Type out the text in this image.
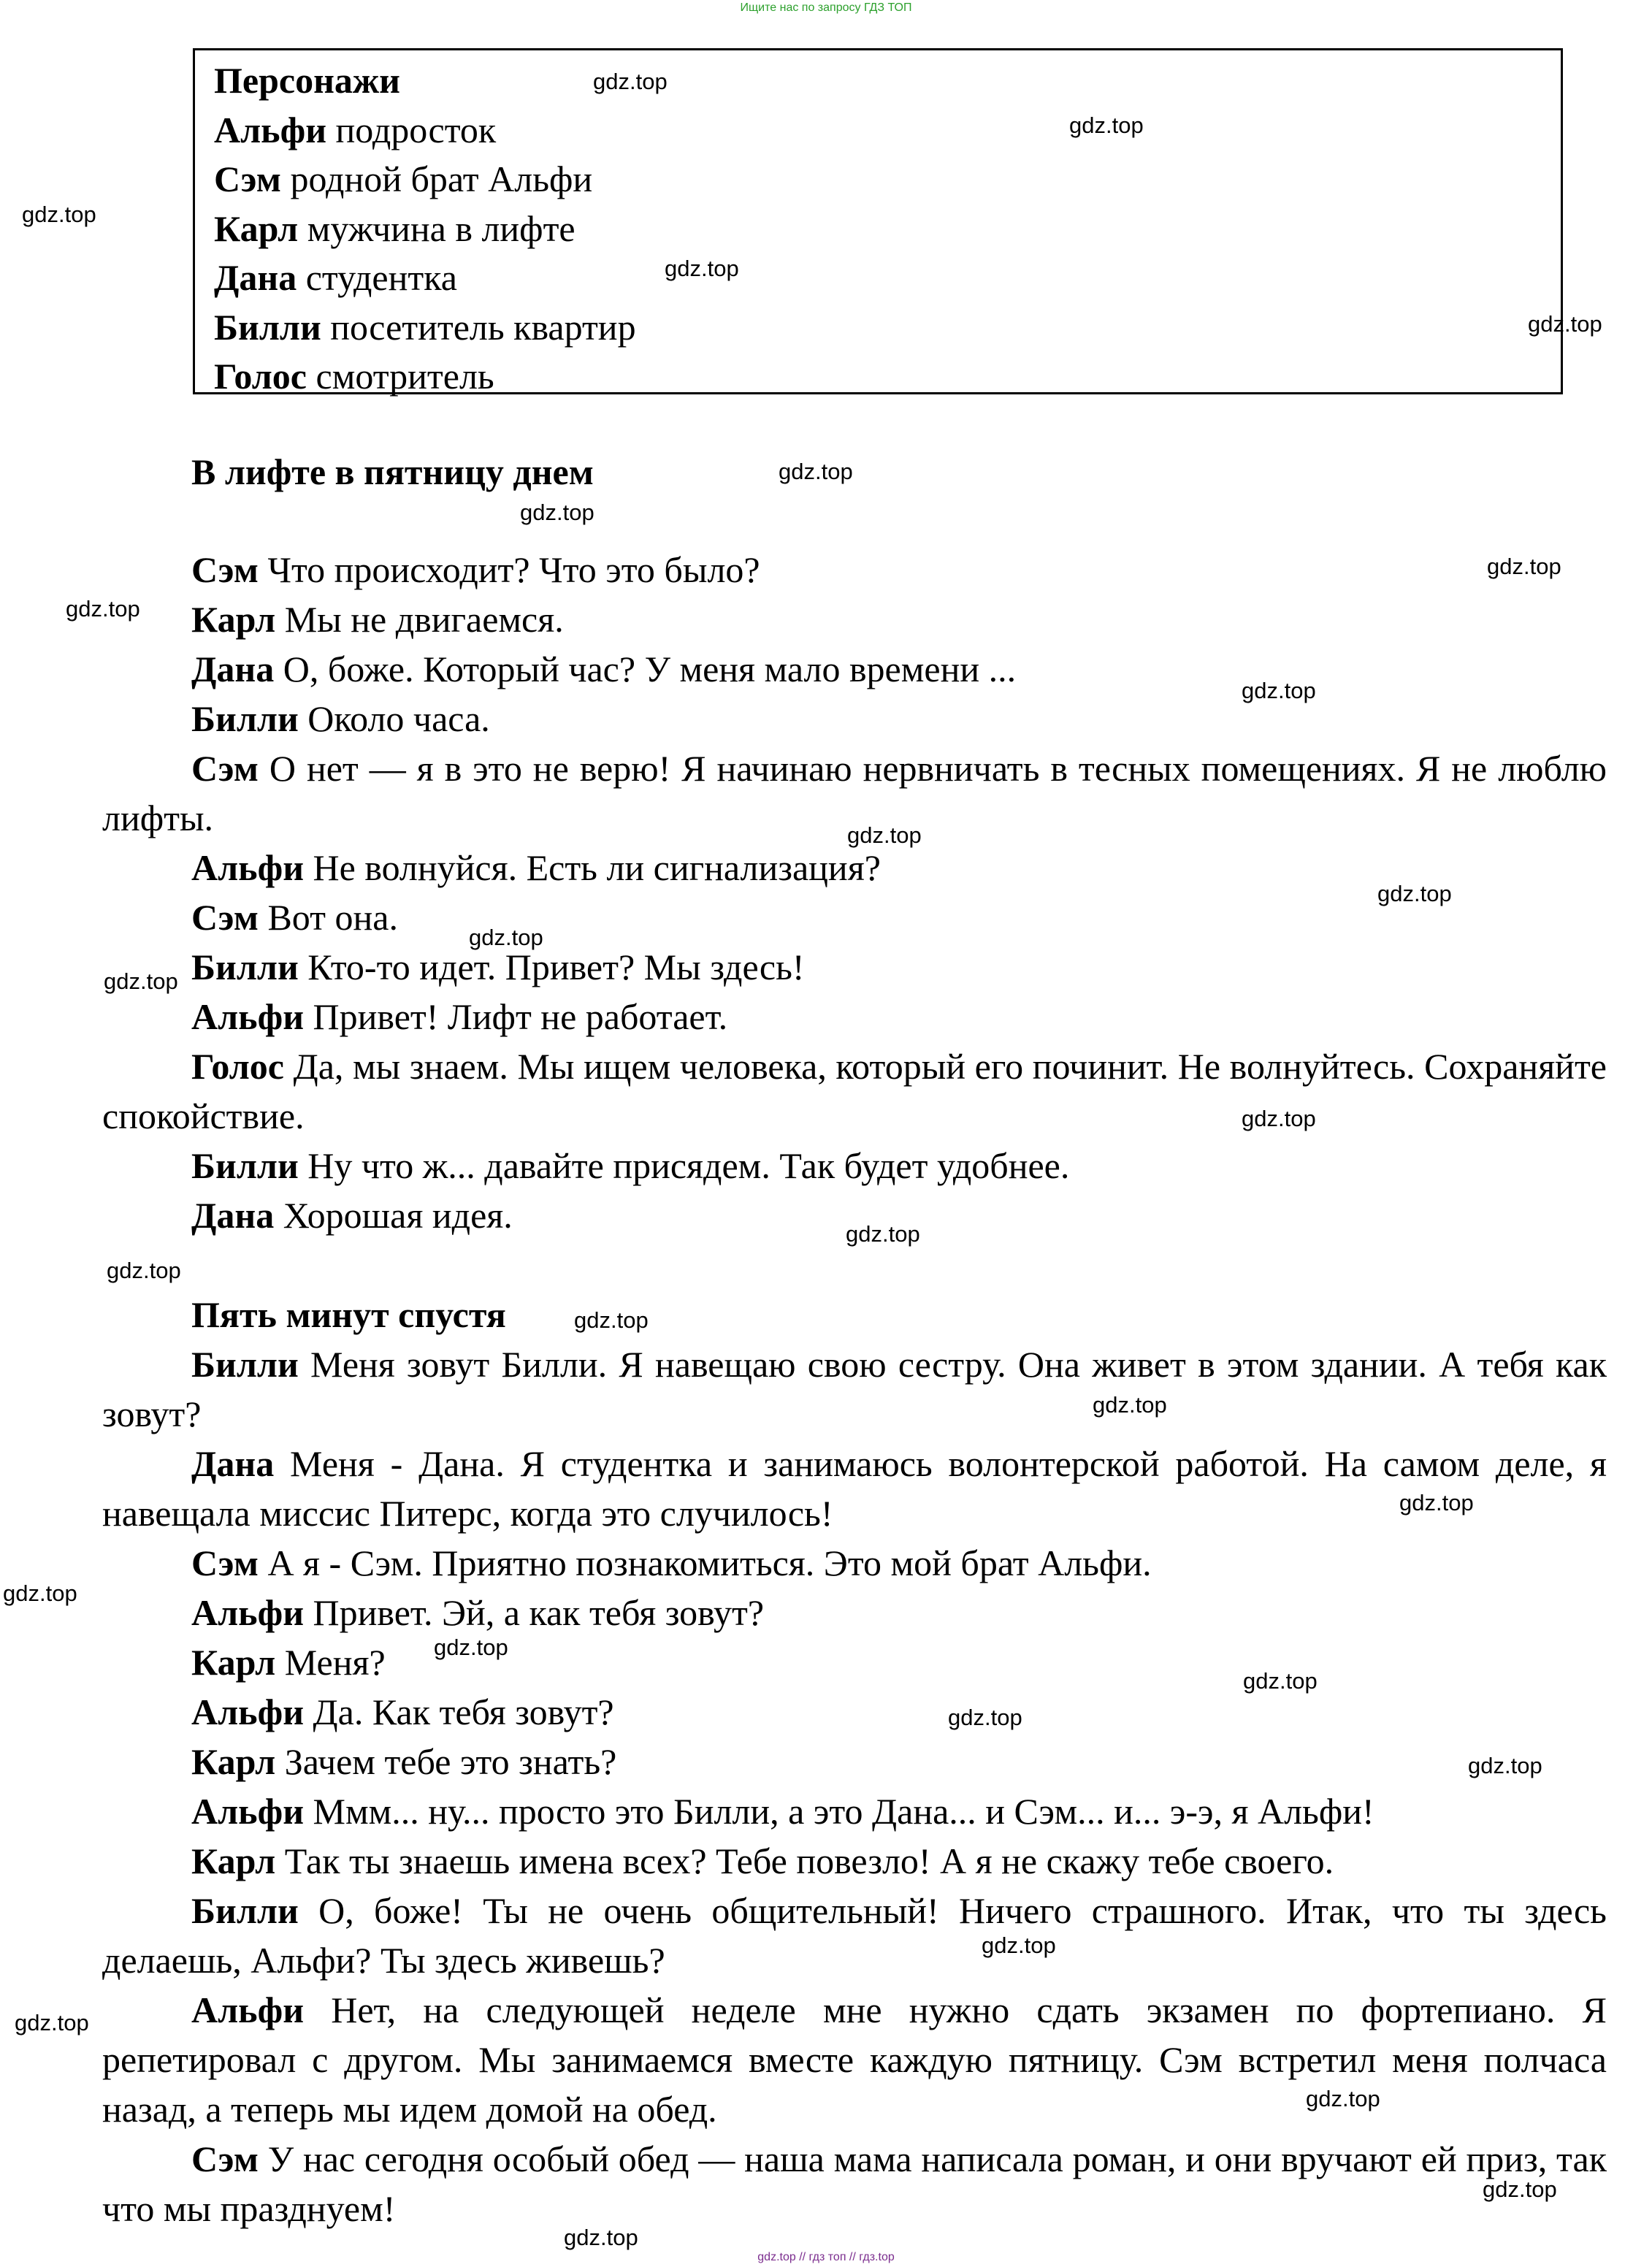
Ищите нас по запросу ГДЗ ТОП
Персонажи
Альфи подросток
Сэм родной брат Альфи
Карл мужчина в лифте
Дана студентка
Билли посетитель квартир
Голос смотритель
В лифте в пятницу днем
Сэм Что происходит? Что это было?
Карл Мы не двигаемся.
Дана О, боже. Который час? У меня мало времени ...
Билли Около часа.
Сэм О нет — я в это не верю! Я начинаю нервничать в тесных помещениях. Я не люблю лифты.
Альфи Не волнуйся. Есть ли сигнализация?
Сэм Вот она.
Билли Кто-то идет. Привет? Мы здесь!
Альфи Привет! Лифт не работает.
Голос Да, мы знаем. Мы ищем человека, который его починит. Не волнуйтесь. Сохраняйте спокойствие.
Билли Ну что ж... давайте присядем. Так будет удобнее.
Дана Хорошая идея.
Пять минут спустя
Билли Меня зовут Билли. Я навещаю свою сестру. Она живет в этом здании. А тебя как зовут?
Дана Меня - Дана. Я студентка и занимаюсь волонтерской работой. На самом деле, я навещала миссис Питерс, когда это случилось!
Сэм А я - Сэм. Приятно познакомиться. Это мой брат Альфи.
Альфи Привет. Эй, а как тебя зовут?
Карл Меня?
Альфи Да. Как тебя зовут?
Карл Зачем тебе это знать?
Альфи Ммм... ну... просто это Билли, а это Дана... и Сэм... и... э-э, я Альфи!
Карл Так ты знаешь имена всех? Тебе повезло! А я не скажу тебе своего.
Билли О, боже! Ты не очень общительный! Ничего страшного. Итак, что ты здесь делаешь, Альфи? Ты здесь живешь?
Альфи Нет, на следующей неделе мне нужно сдать экзамен по фортепиано. Я репетировал с другом. Мы занимаемся вместе каждую пятницу. Сэм встретил меня полчаса назад, а теперь мы идем домой на обед.
Сэм У нас сегодня особый обед — наша мама написала роман, и они вручают ей приз, так что мы празднуем!
gdz.top
gdz.top
gdz.top
gdz.top
gdz.top
gdz.top
gdz.top
gdz.top
gdz.top
gdz.top
gdz.top
gdz.top
gdz.top
gdz.top
gdz.top
gdz.top
gdz.top
gdz.top
gdz.top
gdz.top
gdz.top
gdz.top
gdz.top
gdz.top
gdz.top
gdz.top
gdz.top
gdz.top
gdz.top
gdz.top
gdz.top // гдз топ // гдз.top
